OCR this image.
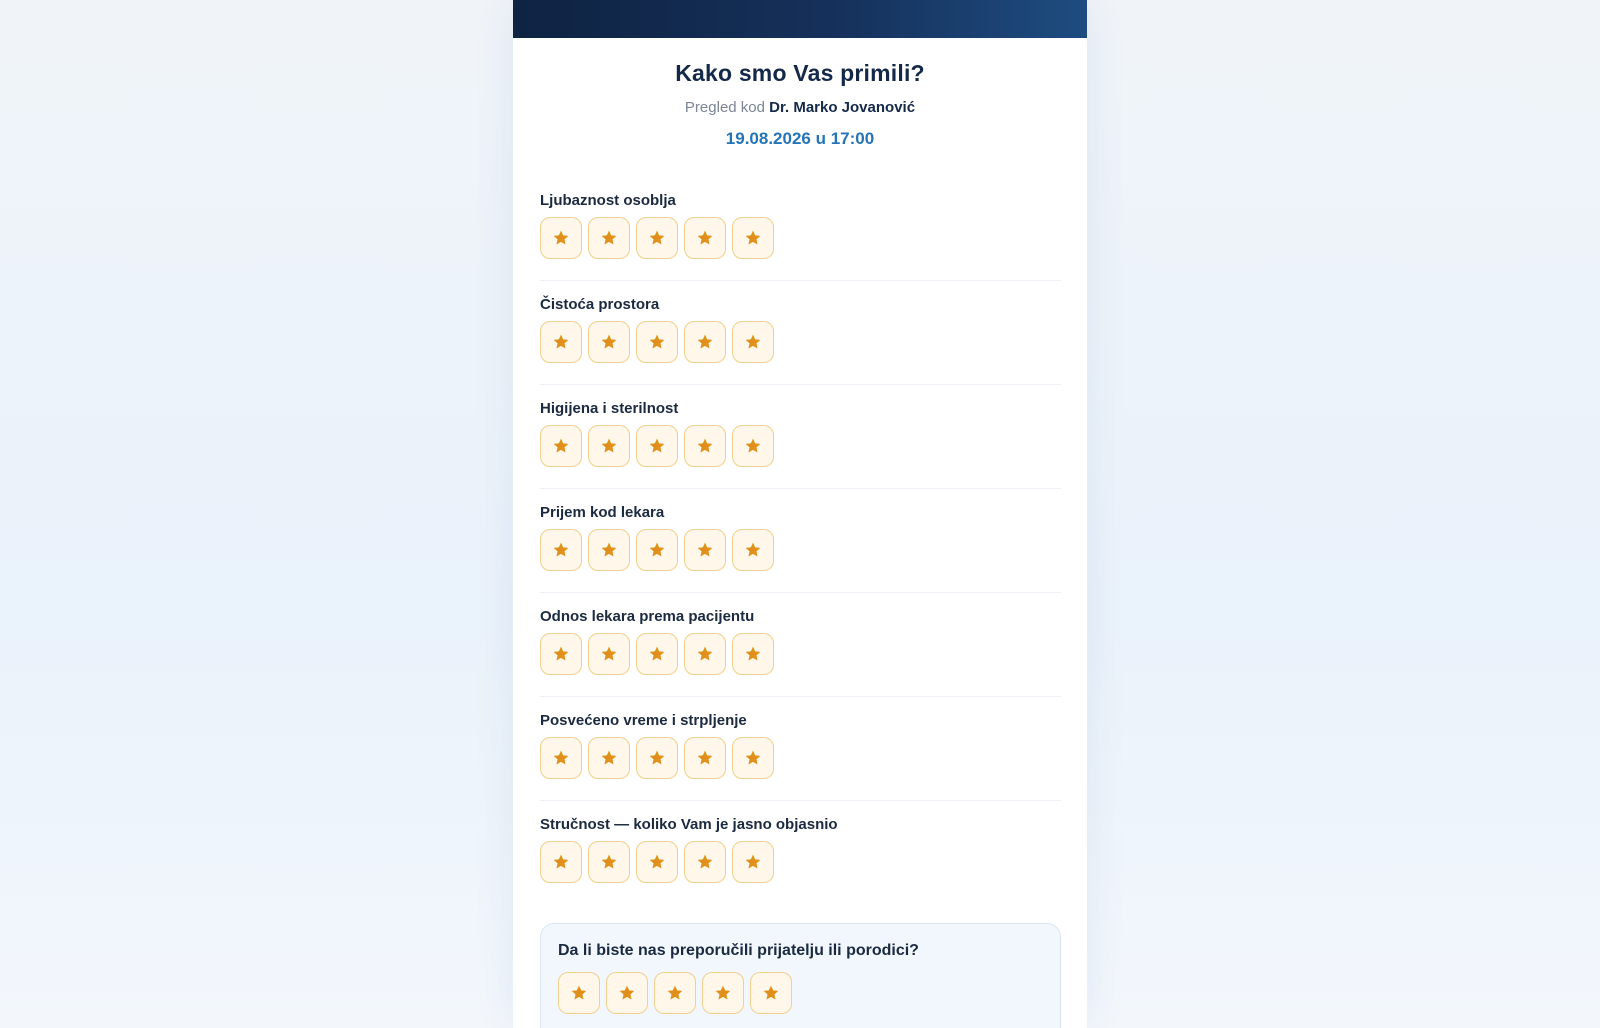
Kako smo Vas primili?
Pregled kod Dr. Marko Jovanović
19.08.2026 u 17:00
Ljubaznost osoblja
Čistoća prostora
Higijena i sterilnost
Prijem kod lekara
Odnos lekara prema pacijentu
Posvećeno vreme i strpljenje
Stručnost — koliko Vam je jasno objasnio
Da li biste nas preporučili prijatelju ili porodici?
